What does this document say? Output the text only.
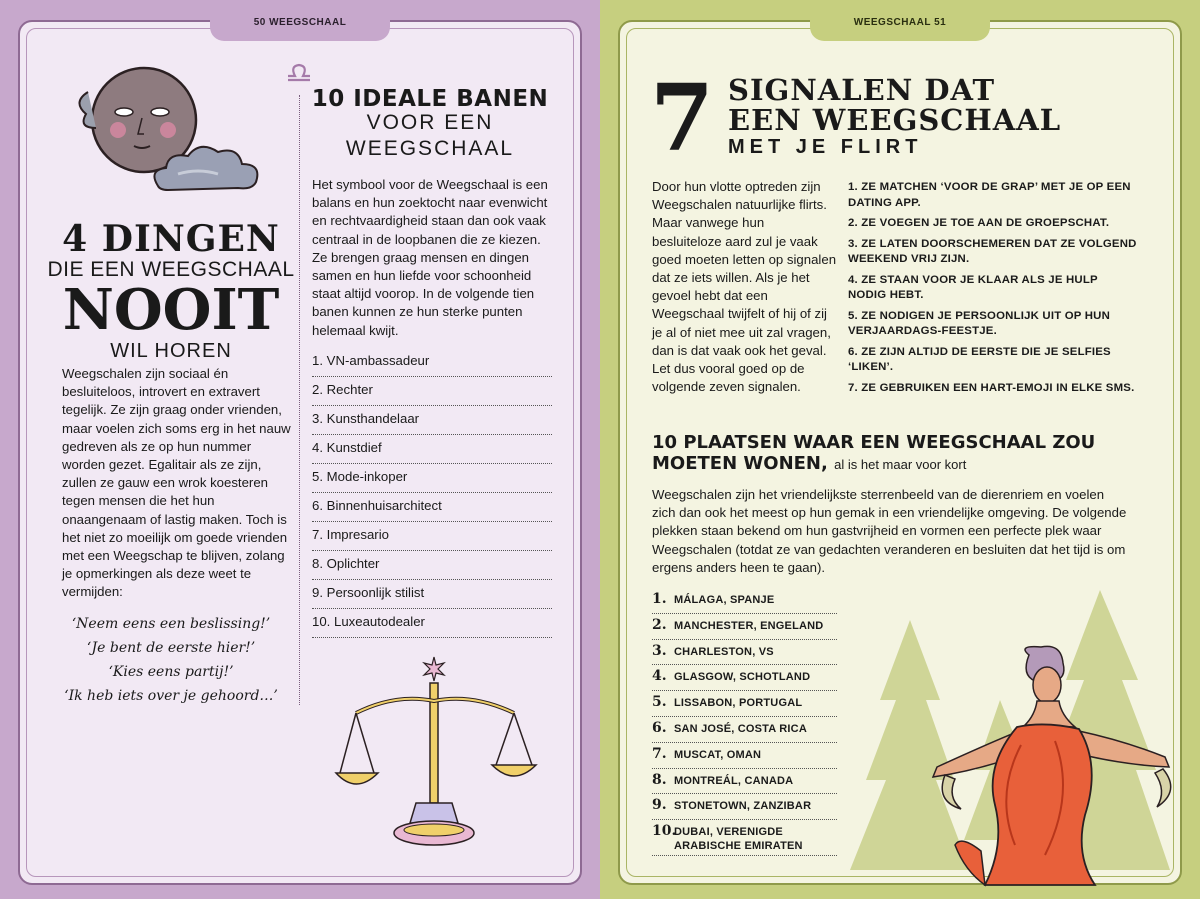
50 WEEGSCHAAL	WEEGSCHAAL 51
4 DINGEN
DIE EEN WEEGSCHAAL
NOOIT
WIL HOREN
Weegschalen zijn sociaal én besluiteloos, introvert en extravert tegelijk. Ze zijn graag onder vrienden, maar voelen zich soms erg in het nauw gedreven als ze op hun nummer worden gezet. Egalitair als ze zijn, zullen ze gauw een wrok koesteren tegen mensen die het hun onaangenaam of lastig maken. Toch is het niet zo moeilijk om goede vrienden met een Weegschap te blijven, zolang je opmerkingen als deze weet te vermijden:
‘Neem eens een beslissing!’
‘Je bent de eerste hier!’
‘Kies eens partij!’
‘Ik heb iets over je gehoord…’
10 IDEALE BANEN
VOOR EEN
WEEGSCHAAL
Het symbool voor de Weegschaal is een balans en hun zoektocht naar evenwicht en rechtvaardigheid staan dan ook vaak centraal in de loopbanen die ze kiezen. Ze brengen graag mensen en dingen samen en hun liefde voor schoonheid staat altijd voorop. In de volgende tien banen kunnen ze hun sterke punten helemaal kwijt.
1. VN-ambassadeur
2. Rechter
3. Kunsthandelaar
4. Kunstdief
5. Mode-inkoper
6. Binnenhuisarchitect
7. Impresario
8. Oplichter
9. Persoonlijk stilist
10. Luxeautodealer
7 SIGNALEN DAT
EEN WEEGSCHAAL
MET JE FLIRT
Door hun vlotte optreden zijn Weegschalen natuurlijke flirts. Maar vanwege hun besluiteloze aard zul je vaak goed moeten letten op signalen dat ze iets willen. Als je het gevoel hebt dat een Weegschaal twijfelt of hij of zij je al of niet mee uit zal vragen, dan is dat vaak ook het geval. Let dus vooral goed op de volgende zeven signalen.
1. ZE MATCHEN ‘VOOR DE GRAP’ MET JE OP EEN DATING APP.
2. ZE VOEGEN JE TOE AAN DE GROEPSCHAT.
3. ZE LATEN DOORSCHEMEREN DAT ZE VOLGEND WEEKEND VRIJ ZIJN.
4. ZE STAAN VOOR JE KLAAR ALS JE HULP NODIG HEBT.
5. ZE NODIGEN JE PERSOONLIJK UIT OP HUN VERJAARDAGS-FEESTJE.
6. ZE ZIJN ALTIJD DE EERSTE DIE JE SELFIES ‘LIKEN’.
7. ZE GEBRUIKEN EEN HART-EMOJI IN ELKE SMS.
10 PLAATSEN WAAR EEN WEEGSCHAAL ZOU
MOETEN WONEN, al is het maar voor kort
Weegschalen zijn het vriendelijkste sterrenbeeld van de dierenriem en voelen zich dan ook het meest op hun gemak in een vriendelijke omgeving. De volgende plekken staan bekend om hun gastvrijheid en vormen een perfecte plek waar Weegschalen (totdat ze van gedachten veranderen en besluiten dat het tijd is om ergens anders heen te gaan).
1. MÁLAGA, SPANJE
2. MANCHESTER, ENGELAND
3. CHARLESTON, VS
4. GLASGOW, SCHOTLAND
5. LISSABON, PORTUGAL
6. SAN JOSÉ, COSTA RICA
7. MUSCAT, OMAN
8. MONTREÁL, CANADA
9. STONETOWN, ZANZIBAR
10.
DUBAI, VERENIGDE ARABISCHE EMIRATEN
